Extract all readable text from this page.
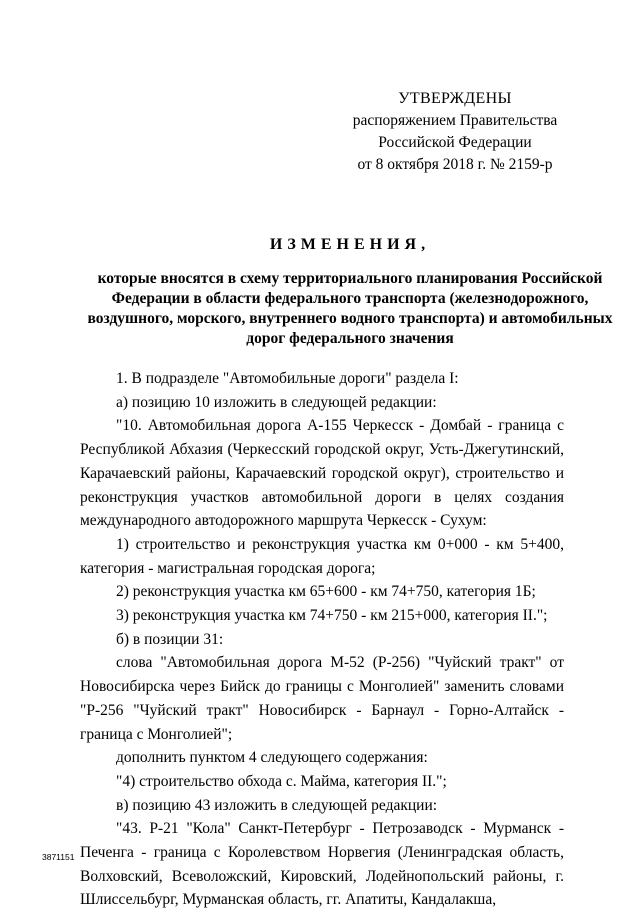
УТВЕРЖДЕНЫ
распоряжением Правительства
Российской Федерации
от 8 октября 2018 г. № 2159-р
ИЗМЕНЕНИЯ,
которые вносятся в схему территориального планирования Российской Федерации в области федерального транспорта (железнодорожного, воздушного, морского, внутреннего водного транспорта) и автомобильных дорог федерального значения

1. В подразделе "Автомобильные дороги" раздела I:

а) позицию 10 изложить в следующей редакции:

"10. Автомобильная дорога А-155 Черкесск - Домбай - граница с Республикой Абхазия (Черкесский городской округ, Усть-Джегутинский, Карачаевский районы, Карачаевский городской округ), строительство и реконструкция участков автомобильной дороги в целях создания международного автодорожного маршрута Черкесск - Сухум:

1) строительство и реконструкция участка км 0+000 - км 5+400, категория - магистральная городская дорога;

2) реконструкция участка км 65+600 - км 74+750, категория 1Б;

3) реконструкция участка км 74+750 - км 215+000, категория II.";

б) в позиции 31:

слова "Автомобильная дорога М-52 (Р-256) "Чуйский тракт" от Новосибирска через Бийск до границы с Монголией" заменить словами "Р-256 "Чуйский тракт" Новосибирск - Барнаул - Горно-Алтайск - граница с Монголией";

дополнить пунктом 4 следующего содержания:

"4) строительство обхода с. Майма, категория II.";

в) позицию 43 изложить в следующей редакции:

"43. Р-21 "Кола" Санкт-Петербург - Петрозаводск - Мурманск - Печенга - граница с Королевством Норвегия (Ленинградская область, Волховский, Всеволожский, Кировский, Лодейнопольский районы, г. Шлиссельбург, Мурманская область, гг. Апатиты, Кандалакша,

3871151
